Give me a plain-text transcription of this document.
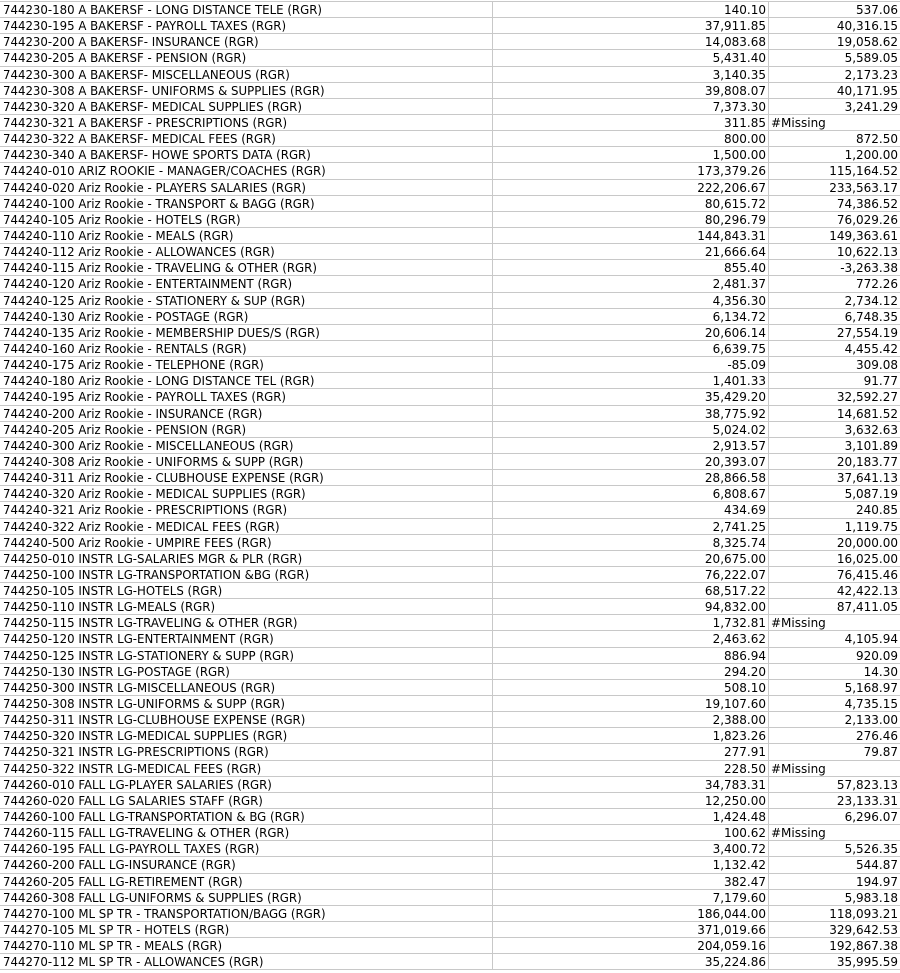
744230-180 A BAKERSF - LONG DISTANCE TELE (RGR)	140.10	537.06
744230-195 A BAKERSF - PAYROLL TAXES (RGR)	37,911.85	40,316.15
744230-200 A BAKERSF- INSURANCE (RGR)	14,083.68	19,058.62
744230-205 A BAKERSF - PENSION (RGR)	5,431.40	5,589.05
744230-300 A BAKERSF- MISCELLANEOUS (RGR)	3,140.35	2,173.23
744230-308 A BAKERSF- UNIFORMS & SUPPLIES (RGR)	39,808.07	40,171.95
744230-320 A BAKERSF- MEDICAL SUPPLIES (RGR)	7,373.30	3,241.29
744230-321 A BAKERSF - PRESCRIPTIONS (RGR)	311.85 #Missing
744230-322 A BAKERSF- MEDICAL FEES (RGR)	800.00	872.50
744230-340 A BAKERSF- HOWE SPORTS DATA (RGR)	1,500.00	1,200.00
744240-010 ARIZ ROOKIE - MANAGER/COACHES (RGR)	173,379.26	115,164.52
744240-020 Ariz Rookie - PLAYERS SALARIES (RGR)	222,206.67	233,563.17
744240-100 Ariz Rookie - TRANSPORT & BAGG (RGR)	80,615.72	74,386.52
744240-105 Ariz Rookie - HOTELS (RGR)	80,296.79	76,029.26
744240-110 Ariz Rookie - MEALS (RGR)	144,843.31	149,363.61
744240-112 Ariz Rookie - ALLOWANCES (RGR)	21,666.64	10,622.13
744240-115 Ariz Rookie - TRAVELING & OTHER (RGR)	855.40	-3,263.38
744240-120 Ariz Rookie - ENTERTAINMENT (RGR)	2,481.37	772.26
744240-125 Ariz Rookie - STATIONERY & SUP (RGR)	4,356.30	2,734.12
744240-130 Ariz Rookie - POSTAGE (RGR)	6,134.72	6,748.35
744240-135 Ariz Rookie - MEMBERSHIP DUES/S (RGR)	20,606.14	27,554.19
744240-160 Ariz Rookie - RENTALS (RGR)	6,639.75	4,455.42
744240-175 Ariz Rookie - TELEPHONE (RGR)	-85.09	309.08
744240-180 Ariz Rookie - LONG DISTANCE TEL (RGR)	1,401.33	91.77
744240-195 Ariz Rookie - PAYROLL TAXES (RGR)	35,429.20	32,592.27
744240-200 Ariz Rookie - INSURANCE (RGR)	38,775.92	14,681.52
744240-205 Ariz Rookie - PENSION (RGR)	5,024.02	3,632.63
744240-300 Ariz Rookie - MISCELLANEOUS (RGR)	2,913.57	3,101.89
744240-308 Ariz Rookie - UNIFORMS & SUPP (RGR)	20,393.07	20,183.77
744240-311 Ariz Rookie - CLUBHOUSE EXPENSE (RGR)	28,866.58	37,641.13
744240-320 Ariz Rookie - MEDICAL SUPPLIES (RGR)	6,808.67	5,087.19
744240-321 Ariz Rookie - PRESCRIPTIONS (RGR)	434.69	240.85
744240-322 Ariz Rookie - MEDICAL FEES (RGR)	2,741.25	1,119.75
744240-500 Ariz Rookie - UMPIRE FEES (RGR)	8,325.74	20,000.00
744250-010 INSTR LG-SALARIES MGR & PLR (RGR)	20,675.00	16,025.00
744250-100 INSTR LG-TRANSPORTATION &BG (RGR)	76,222.07	76,415.46
744250-105 INSTR LG-HOTELS (RGR)	68,517.22	42,422.13
744250-110 INSTR LG-MEALS (RGR)	94,832.00	87,411.05
744250-115 INSTR LG-TRAVELING & OTHER (RGR)	1,732.81 #Missing
744250-120 INSTR LG-ENTERTAINMENT (RGR)	2,463.62	4,105.94
744250-125 INSTR LG-STATIONERY & SUPP (RGR)	886.94	920.09
744250-130 INSTR LG-POSTAGE (RGR)	294.20	14.30
744250-300 INSTR LG-MISCELLANEOUS (RGR)	508.10	5,168.97
744250-308 INSTR LG-UNIFORMS & SUPP (RGR)	19,107.60	4,735.15
744250-311 INSTR LG-CLUBHOUSE EXPENSE (RGR)	2,388.00	2,133.00
744250-320 INSTR LG-MEDICAL SUPPLIES (RGR)	1,823.26	276.46
744250-321 INSTR LG-PRESCRIPTIONS (RGR)	277.91	79.87
744250-322 INSTR LG-MEDICAL FEES (RGR)	228.50 #Missing
744260-010 FALL LG-PLAYER SALARIES (RGR)	34,783.31	57,823.13
744260-020 FALL LG SALARIES STAFF (RGR)	12,250.00	23,133.31
744260-100 FALL LG-TRANSPORTATION & BG (RGR)	1,424.48	6,296.07
744260-115 FALL LG-TRAVELING & OTHER (RGR)	100.62 #Missing
744260-195 FALL LG-PAYROLL TAXES (RGR)	3,400.72	5,526.35
744260-200 FALL LG-INSURANCE (RGR)	1,132.42	544.87
744260-205 FALL LG-RETIREMENT (RGR)	382.47	194.97
744260-308 FALL LG-UNIFORMS & SUPPLIES (RGR)	7,179.60	5,983.18
744270-100 ML SP TR - TRANSPORTATION/BAGG (RGR)	186,044.00	118,093.21
744270-105 ML SP TR - HOTELS (RGR)	371,019.66	329,642.53
744270-110 ML SP TR - MEALS (RGR)	204,059.16	192,867.38
744270-112 ML SP TR - ALLOWANCES (RGR)	35,224.86	35,995.59
